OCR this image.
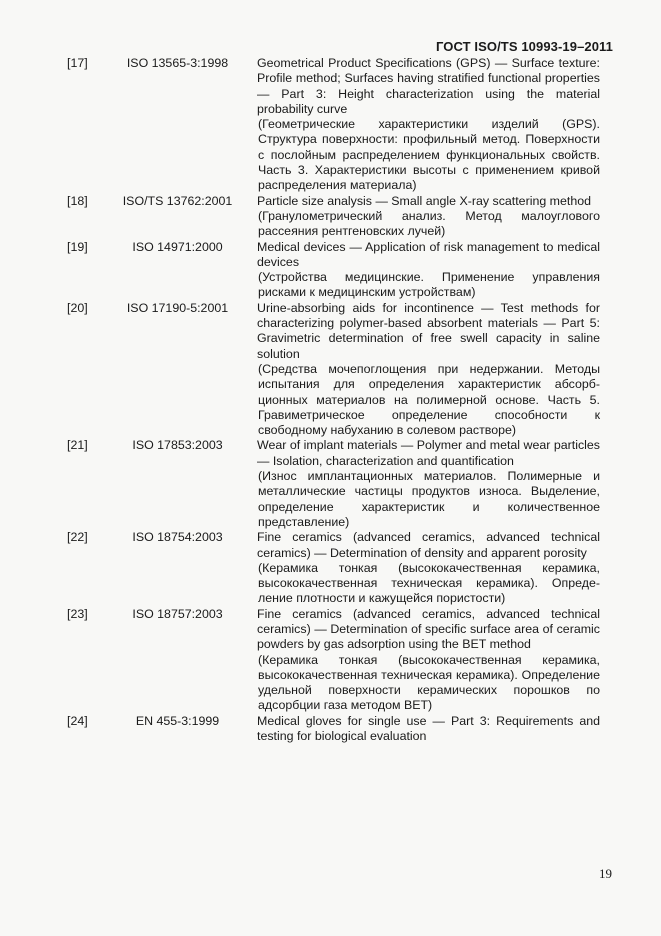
ГОСТ ISO/TS 10993-19–2011
[17]	ISO 13565-3:1998	Geometrical Product Specifications (GPS) — Surface texture: Profile method; Surfaces having stratified functional properties — Part 3: Height characterization using the material probability curve

(Геометрические характеристики изделий (GPS). Структура поверхности: профильный метод. Поверхности с послойным распределением функциональных свойств. Часть 3. Характеристики высоты с применением кривой распределения материала)

[18]	ISO/TS 13762:2001	Particle size analysis — Small angle X-ray scattering method

(Гранулометрический анализ. Метод малоуглового рассеяния рентгеновских лучей)

[19]	ISO 14971:2000	Medical devices — Application of risk management to medical devices

(Устройства медицинские. Применение управления рисками к медицинским устройствам)

[20]	ISO 17190-5:2001	Urine-absorbing aids for incontinence — Test methods for characterizing polymer-based absorbent materials — Part 5: Gravimetric determination of free swell capacity in saline solution

(Средства мочепоглощения при недержании. Методы испытания для определения характеристик абсорб-ционных материалов на полимерной основе. Часть 5. Гравиметрическое определение способности к свободному набуханию в солевом растворе)

[21]	ISO 17853:2003	Wear of implant materials — Polymer and metal wear particles — Isolation, characterization and quantification

(Износ имплантационных материалов. Полимерные и металлические частицы продуктов износа. Выделение, определение характеристик и количественное представление)

[22]	ISO 18754:2003	Fine ceramics (advanced ceramics, advanced technical ceramics) — Determination of density and apparent porosity

(Керамика тонкая (высококачественная керамика, высококачественная техническая керамика). Опреде-ление плотности и кажущейся пористости)

[23]	ISO 18757:2003	Fine ceramics (advanced ceramics, advanced technical ceramics) — Determination of specific surface area of ceramic powders by gas adsorption using the BET method

(Керамика тонкая (высококачественная керамика, высококачественная техническая керамика). Определение удельной поверхности керамических порошков по адсорбции газа методом BET)

[24]	EN 455-3:1999	Medical gloves for single use — Part 3: Requirements and testing for biological evaluation

19
